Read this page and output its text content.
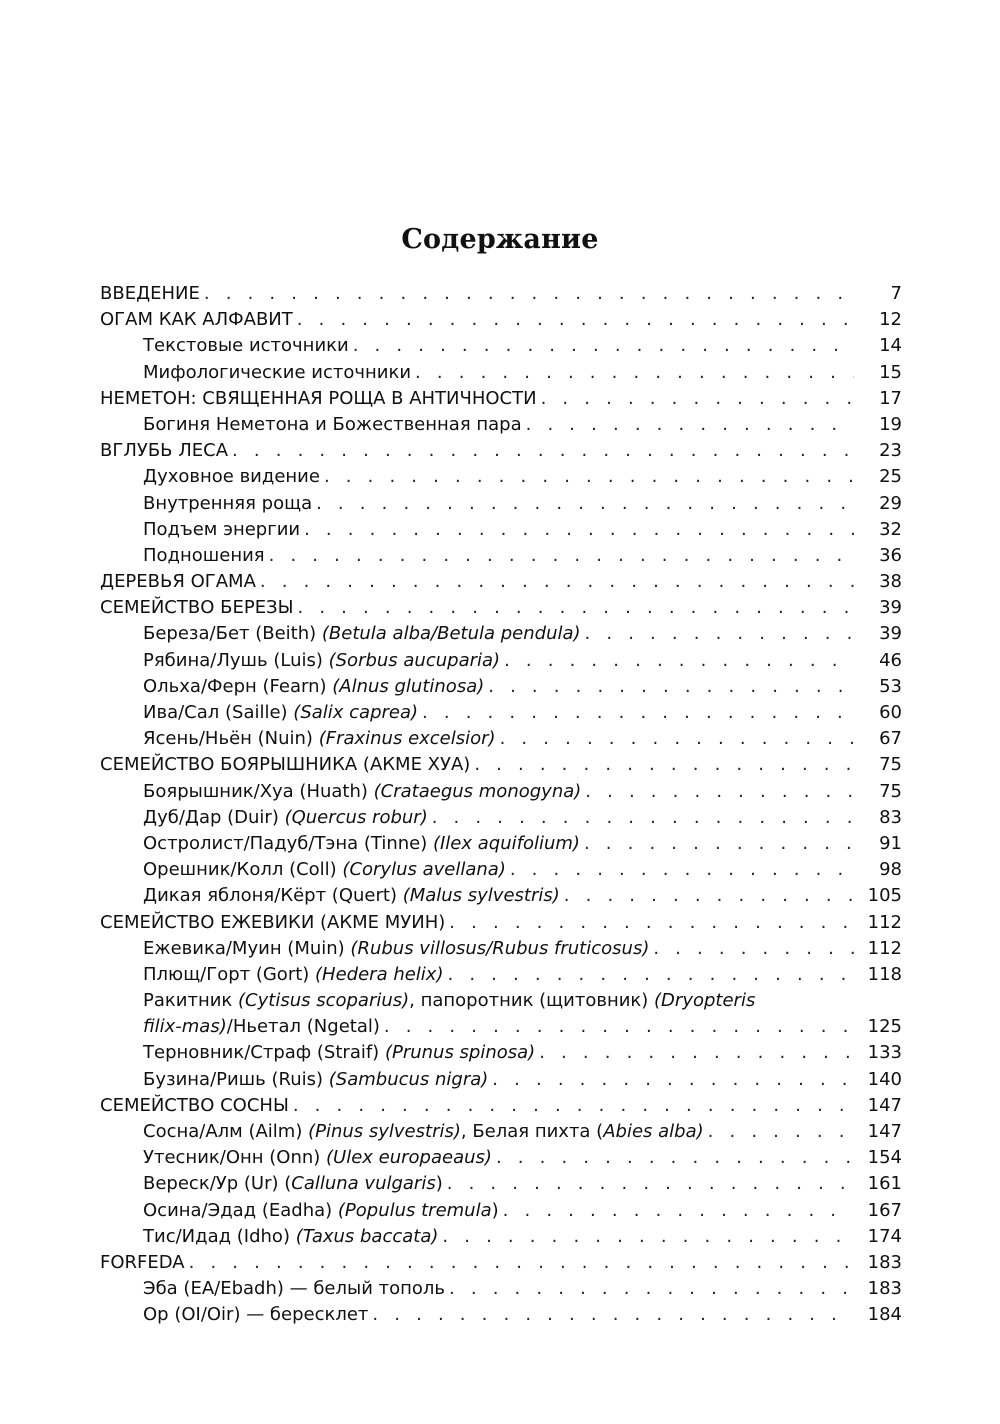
Содержание
ВВЕДЕНИЕ . . .	7
ОГАМ КАК АЛФАВИТ . . .	12
Текстовые источники . . .	14
Мифологические источники . . .	15
НЕМЕТОН: СВЯЩЕННАЯ РОЩА В АНТИЧНОСТИ . . .	17
Богиня Неметона и Божественная пара . . .	19
ВГЛУБЬ ЛЕСА . . .	23
Духовное видение . . .	25
Внутренняя роща . . .	29
Подъем энергии . . .	32
Подношения . . .	36
ДЕРЕВЬЯ ОГАМА . . .	38
СЕМЕЙСТВО БЕРЕЗЫ . . .	39
Береза/Бет (Beith) (Betula alba/Betula pendula) . . .	39
Рябина/Лушь (Luis) (Sorbus aucuparia) . . .	46
Ольха/Ферн (Fearn) (Alnus glutinosa) . . .	53
Ива/Сал (Saille) (Salix caprea) . . .	60
Ясень/Ньён (Nuin) (Fraxinus excelsior) . . .	67
СЕМЕЙСТВО БОЯРЫШНИКА (АКМЕ ХУА) . . .	75
Боярышник/Хуа (Huath) (Crataegus monogyna) . . .	75
Дуб/Дар (Duir) (Quercus robur) . . .	83
Остролист/Падуб/Тэна (Tinne) (Ilex aquifolium) . . .	91
Орешник/Колл (Coll) (Corylus avellana) . . .	98
Дикая яблоня/Кёрт (Quert) (Malus sylvestris) . . .	105
СЕМЕЙСТВО ЕЖЕВИКИ (АКМЕ МУИН) . . .	112
Ежевика/Муин (Muin) (Rubus villosus/Rubus fruticosus) . . .	112
Плющ/Горт (Gort) (Hedera helix) . . .	118
Ракитник (Cytisus scoparius), папоротник (щитовник) (Dryopteris
filix-mas)/Ньетал (Ngetal) . . .	125
Терновник/Страф (Straif) (Prunus spinosa) . . .	133
Бузина/Ришь (Ruis) (Sambucus nigra) . . .	140
СЕМЕЙСТВО СОСНЫ . . .	147
Сосна/Алм (Ailm) (Pinus sylvestris), Белая пихта (Abies alba) . . .	147
Утесник/Онн (Onn) (Ulex europaeaus) . . .	154
Вереск/Ур (Ur) (Calluna vulgaris) . . .	161
Осина/Эдад (Eadha) (Populus tremula) . . .	167
Тис/Идад (Idho) (Taxus baccata) . . .	174
FORFEDA . . .	183
Эба (EA/Ebadh) — белый тополь . . .	183
Ор (OI/Oir) — бересклет . . .	184
